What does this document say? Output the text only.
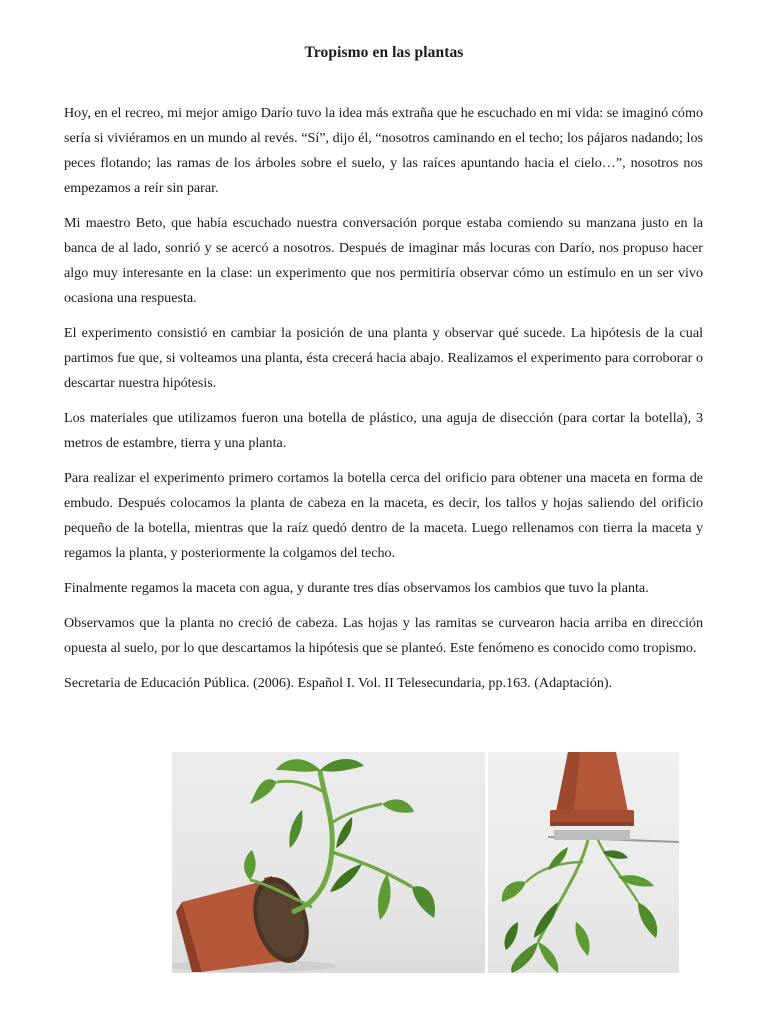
Tropismo en las plantas

Hoy, en el recreo, mi mejor amigo Darío tuvo la idea más extraña que he escuchado en mi vida: se imaginó cómo sería si viviéramos en un mundo al revés. “Sí”, dijo él, “nosotros caminando en el techo; los pájaros nadando; los peces flotando; las ramas de los árboles sobre el suelo, y las raíces apuntando hacia el cielo…”, nosotros nos empezamos a reír sin parar.

Mi maestro Beto, que había escuchado nuestra conversación porque estaba comiendo su manzana justo en la banca de al lado, sonrió y se acercó a nosotros. Después de imaginar más locuras con Darío, nos propuso hacer algo muy interesante en la clase: un experimento que nos permitiría observar cómo un estímulo en un ser vivo ocasiona una respuesta.

El experimento consistió en cambiar la posición de una planta y observar qué sucede. La hipótesis de la cual partimos fue que, si volteamos una planta, ésta crecerá hacia abajo. Realizamos el experimento para corroborar o descartar nuestra hipótesis.

Los materiales que utilizamos fueron una botella de plástico, una aguja de disección (para cortar la botella), 3 metros de estambre, tierra y una planta.

Para realizar el experimento primero cortamos la botella cerca del orificio para obtener una maceta en forma de embudo. Después colocamos la planta de cabeza en la maceta, es decir, los tallos y hojas saliendo del orificio pequeño de la botella, mientras que la raíz quedó dentro de la maceta. Luego rellenamos con tierra la maceta y regamos la planta, y posteriormente la colgamos del techo.

Finalmente regamos la maceta con agua, y durante tres días observamos los cambios que tuvo la planta.

Observamos que la planta no creció de cabeza. Las hojas y las ramitas se curvearon hacia arriba en dirección opuesta al suelo, por lo que descartamos la hipótesis que se planteó. Este fenómeno es conocido como tropismo.

Secretaria de Educación Pública. (2006). Español I. Vol. II Telesecundaria, pp.163. (Adaptación).
